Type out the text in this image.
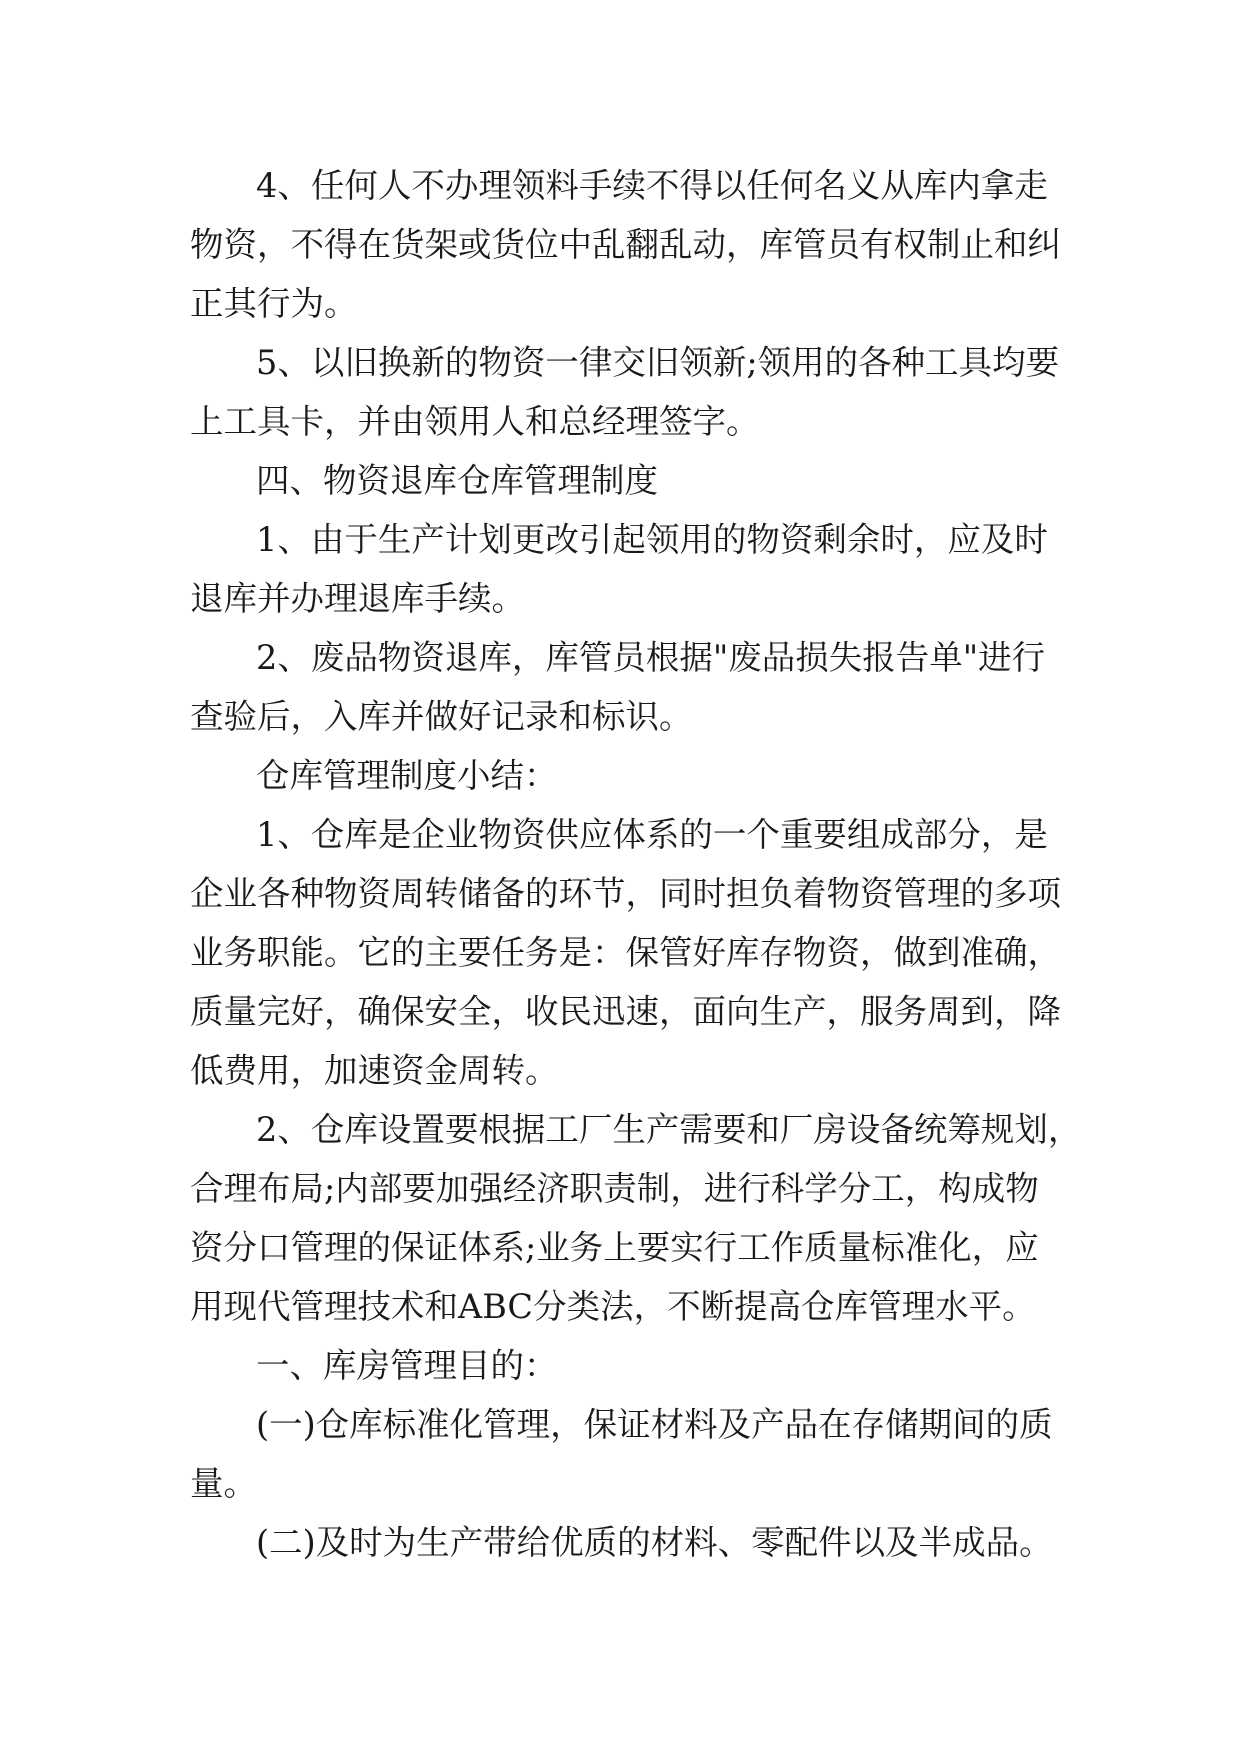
4、任何人不办理领料手续不得以任何名义从库内拿走
物资，不得在货架或货位中乱翻乱动，库管员有权制止和纠
正其行为。
5、以旧换新的物资一律交旧领新;领用的各种工具均要
上工具卡，并由领用人和总经理签字。
四、物资退库仓库管理制度
1、由于生产计划更改引起领用的物资剩余时，应及时
退库并办理退库手续。
2、废品物资退库，库管员根据"废品损失报告单"进行
查验后，入库并做好记录和标识。
仓库管理制度小结：
1、仓库是企业物资供应体系的一个重要组成部分，是
企业各种物资周转储备的环节，同时担负着物资管理的多项
业务职能。它的主要任务是：保管好库存物资，做到准确，
质量完好，确保安全，收民迅速，面向生产，服务周到，降
低费用，加速资金周转。
2、仓库设置要根据工厂生产需要和厂房设备统筹规划，
合理布局;内部要加强经济职责制，进行科学分工，构成物
资分口管理的保证体系;业务上要实行工作质量标准化，应
用现代管理技术和ABC分类法，不断提高仓库管理水平。
一、库房管理目的：
(一)仓库标准化管理，保证材料及产品在存储期间的质
量。
(二)及时为生产带给优质的材料、零配件以及半成品。
